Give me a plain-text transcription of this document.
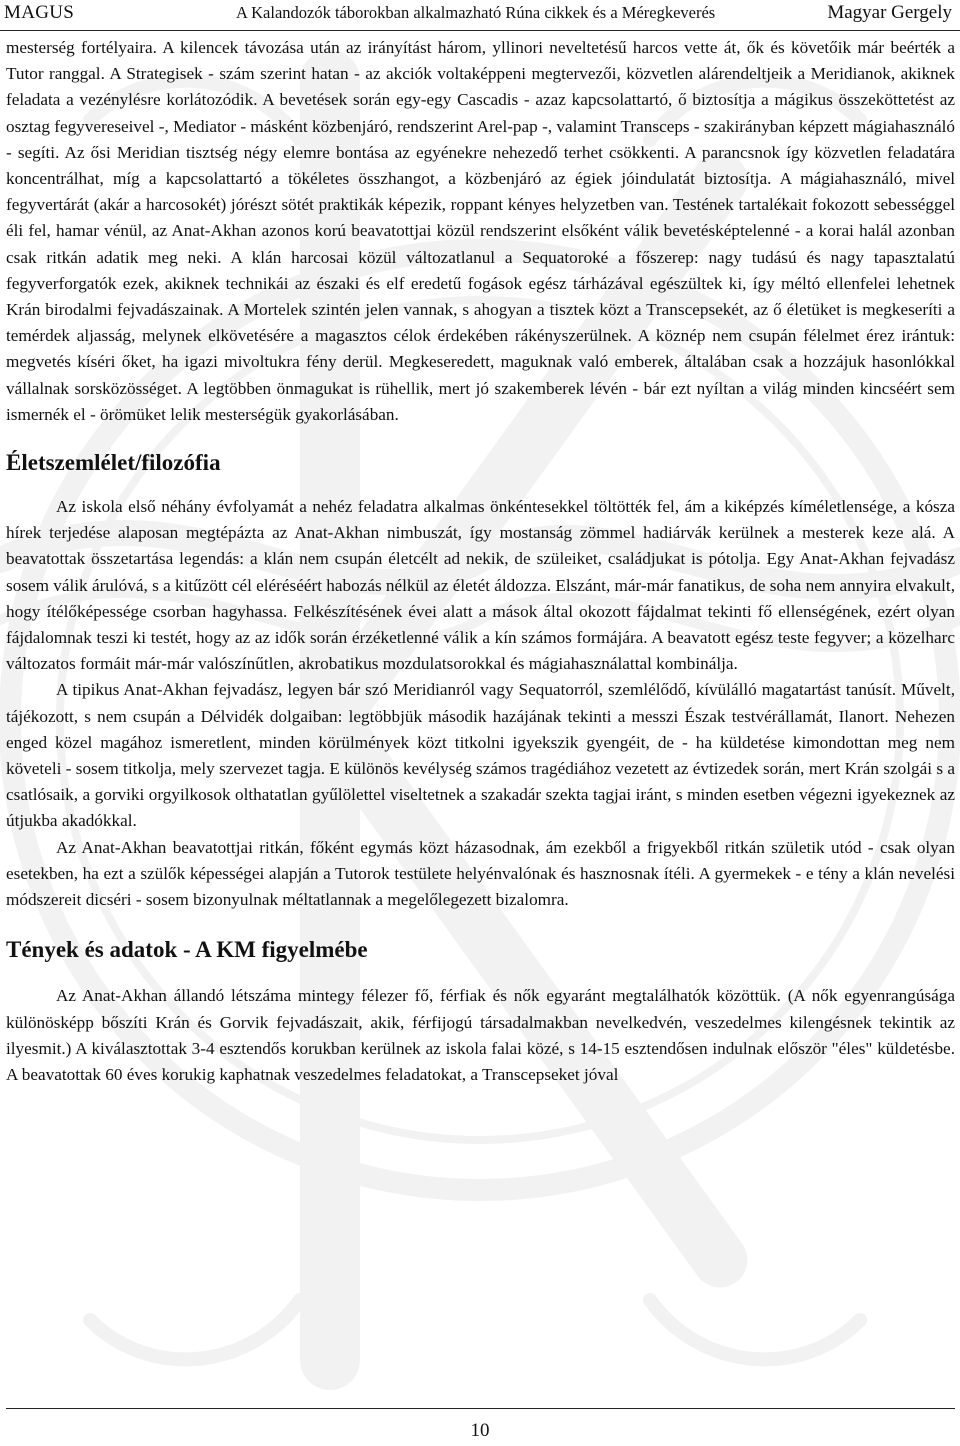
MAGUS	A Kalandozók táborokban alkalmazható Rúna cikkek és a Méregkeverés	Magyar Gergely

mesterség fortélyaira. A kilencek távozása után az irányítást három, yllinori neveltetésű harcos vette át, ők és követőik már beérték a Tutor ranggal. A Strategisek - szám szerint hatan - az akciók voltaképpeni megtervezői, közvetlen alárendeltjeik a Meridianok, akiknek feladata a vezénylésre korlátozódik. A bevetések során egy-egy Cascadis - azaz kapcsolattartó, ő biztosítja a mágikus összeköttetést az osztag fegyvereseivel -, Mediator - másként közbenjáró, rendszerint Arel-pap -, valamint Transceps - szakirányban képzett mágiahasználó - segíti. Az ősi Meridian tisztség négy elemre bontása az egyénekre nehezedő terhet csökkenti. A parancsnok így közvetlen feladatára koncentrálhat, míg a kapcsolattartó a tökéletes összhangot, a közbenjáró az égiek jóindulatát biztosítja. A mágiahasználó, mivel fegyvertárát (akár a harcosokét) jórészt sötét praktikák képezik, roppant kényes helyzetben van. Testének tartalékait fokozott sebességgel éli fel, hamar vénül, az Anat-Akhan azonos korú beavatottjai közül rendszerint elsőként válik bevetésképtelenné - a korai halál azonban csak ritkán adatik meg neki. A klán harcosai közül változatlanul a Sequatoroké a főszerep: nagy tudású és nagy tapasztalatú fegyverforgatók ezek, akiknek technikái az északi és elf eredetű fogások egész tárházával egészültek ki, így méltó ellenfelei lehetnek Krán birodalmi fejvadászainak. A Mortelek szintén jelen vannak, s ahogyan a tisztek közt a Transcepsekét, az ő életüket is megkeseríti a temérdek aljasság, melynek elkövetésére a magasztos célok érdekében rákényszerülnek. A köznép nem csupán félelmet érez irántuk: megvetés kíséri őket, ha igazi mivoltukra fény derül. Megkeseredett, maguknak való emberek, általában csak a hozzájuk hasonlókkal vállalnak sorsközösséget. A legtöbben önmagukat is rühellik, mert jó szakemberek lévén - bár ezt nyíltan a világ minden kincséért sem ismernék el - örömüket lelik mesterségük gyakorlásában.

Életszemlélet/filozófia

Az iskola első néhány évfolyamát a nehéz feladatra alkalmas önkéntesekkel töltötték fel, ám a kiképzés kíméletlensége, a kósza hírek terjedése alaposan megtépázta az Anat-Akhan nimbuszát, így mostanság zömmel hadiárvák kerülnek a mesterek keze alá. A beavatottak összetartása legendás: a klán nem csupán életcélt ad nekik, de szüleiket, családjukat is pótolja. Egy Anat-Akhan fejvadász sosem válik árulóvá, s a kitűzött cél eléréséért habozás nélkül az életét áldozza. Elszánt, már-már fanatikus, de soha nem annyira elvakult, hogy ítélőképessége csorban hagyhassa. Felkészítésének évei alatt a mások által okozott fájdalmat tekinti fő ellenségének, ezért olyan fájdalomnak teszi ki testét, hogy az az idők során érzéketlenné válik a kín számos formájára. A beavatott egész teste fegyver; a közelharc változatos formáit már-már valószínűtlen, akrobatikus mozdulatsorokkal és mágiahasználattal kombinálja.

A tipikus Anat-Akhan fejvadász, legyen bár szó Meridianról vagy Sequatorról, szemlélődő, kívülálló magatartást tanúsít. Művelt, tájékozott, s nem csupán a Délvidék dolgaiban: legtöbbjük második hazájának tekinti a messzi Észak testvérállamát, Ilanort. Nehezen enged közel magához ismeretlent, minden körülmények közt titkolni igyekszik gyengéit, de - ha küldetése kimondottan meg nem követeli - sosem titkolja, mely szervezet tagja. E különös kevélység számos tragédiához vezetett az évtizedek során, mert Krán szolgái s a csatlósaik, a gorviki orgyilkosok olthatatlan gyűlölettel viseltetnek a szakadár szekta tagjai iránt, s minden esetben végezni igyekeznek az útjukba akadókkal.

Az Anat-Akhan beavatottjai ritkán, főként egymás közt házasodnak, ám ezekből a frigyekből ritkán születik utód - csak olyan esetekben, ha ezt a szülők képességei alapján a Tutorok testülete helyénvalónak és hasznosnak ítéli. A gyermekek - e tény a klán nevelési módszereit dicséri - sosem bizonyulnak méltatlannak a megelőlegezett bizalomra.

Tények és adatok - A KM figyelmébe

Az Anat-Akhan állandó létszáma mintegy félezer fő, férfiak és nők egyaránt megtalálhatók közöttük. (A nők egyenrangúsága különösképp bőszíti Krán és Gorvik fejvadászait, akik, férfijogú társadalmakban nevelkedvén, veszedelmes kilengésnek tekintik az ilyesmit.) A kiválasztottak 3-4 esztendős korukban kerülnek az iskola falai közé, s 14-15 esztendősen indulnak először "éles" küldetésbe. A beavatottak 60 éves korukig kaphatnak veszedelmes feladatokat, a Transcepseket jóval

10
